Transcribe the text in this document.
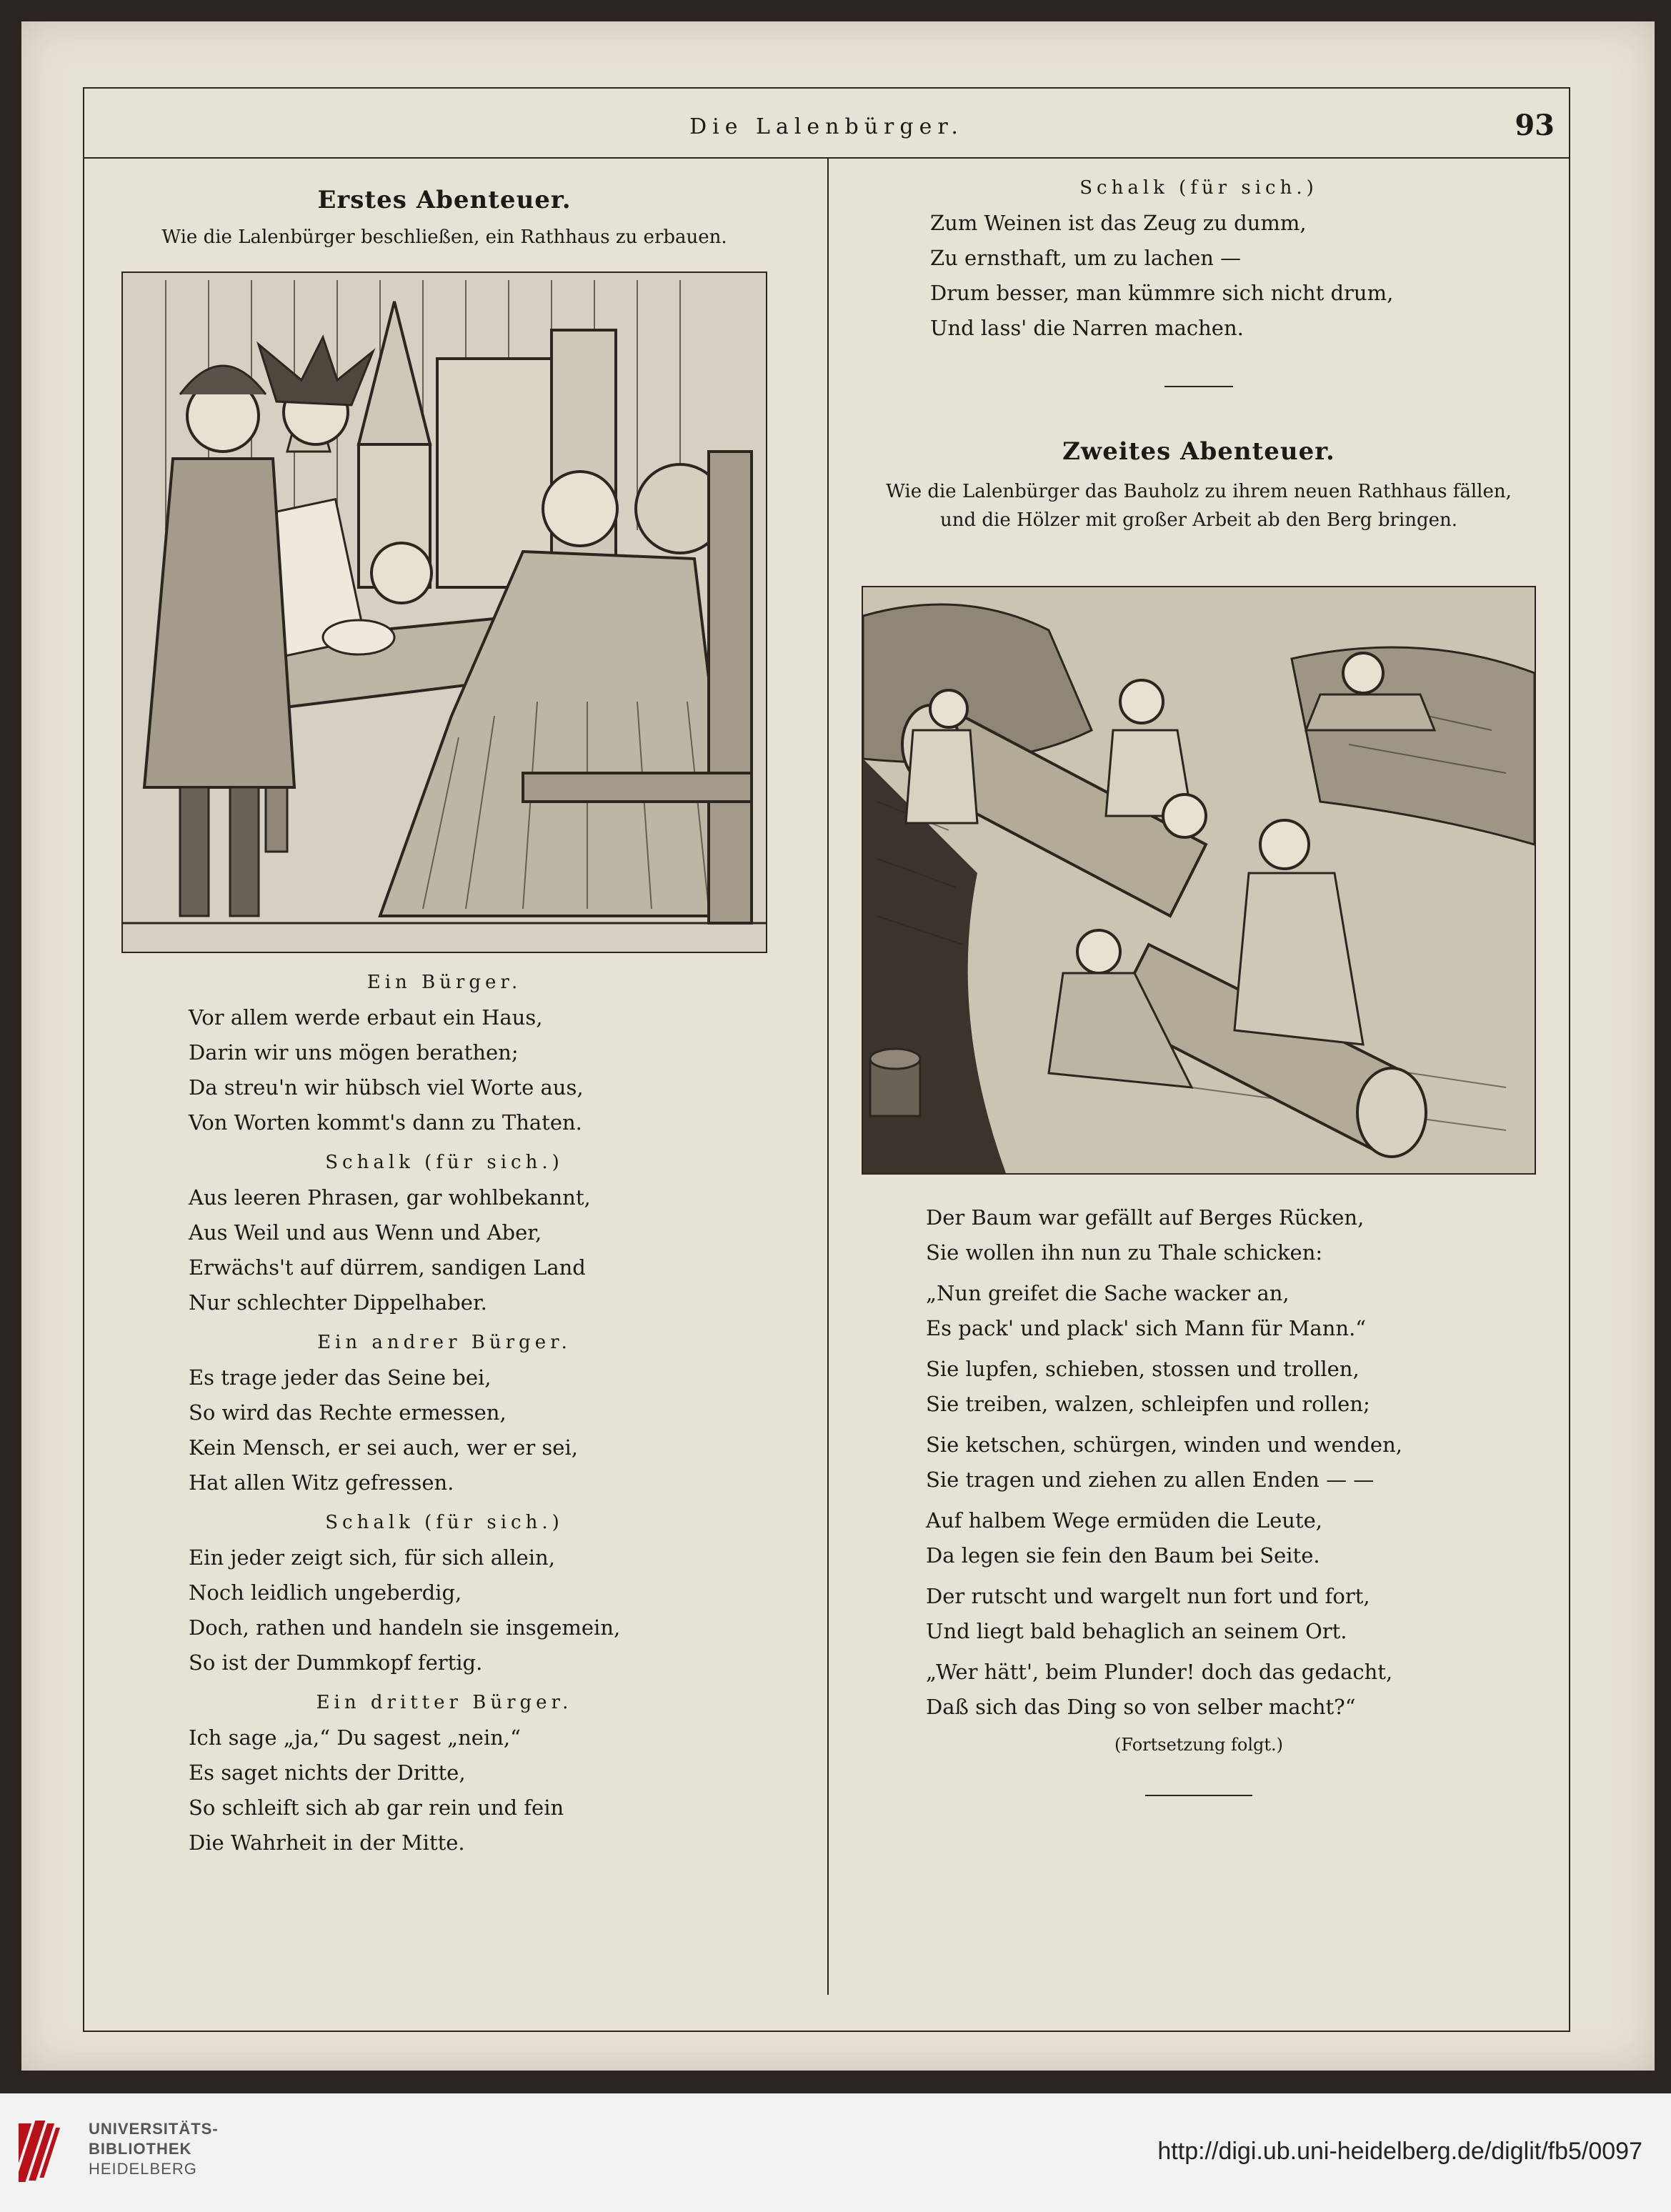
Die Lalenbürger.	93
Erstes Abenteuer.

Wie die Lalenbürger beschließen, ein Rathhaus zu erbauen.

Ein Bürger.

Vor allem werde erbaut ein Haus,
Darin wir uns mögen berathen;
Da streu'n wir hübsch viel Worte aus,
Von Worten kommt's dann zu Thaten.

Schalk (für sich.)

Aus leeren Phrasen, gar wohlbekannt,
Aus Weil und aus Wenn und Aber,
Erwächs't auf dürrem, sandigen Land
Nur schlechter Dippelhaber.

Ein andrer Bürger.

Es trage jeder das Seine bei,
So wird das Rechte ermessen,
Kein Mensch, er sei auch, wer er sei,
Hat allen Witz gefressen.

Schalk (für sich.)

Ein jeder zeigt sich, für sich allein,
Noch leidlich ungeberdig,
Doch, rathen und handeln sie insgemein,
So ist der Dummkopf fertig.

Ein dritter Bürger.

Ich sage „ja,“ Du sagest „nein,“
Es saget nichts der Dritte,
So schleift sich ab gar rein und fein
Die Wahrheit in der Mitte.

Schalk (für sich.)

Zum Weinen ist das Zeug zu dumm,
Zu ernsthaft, um zu lachen —
Drum besser, man kümmre sich nicht drum,
Und lass' die Narren machen.
Zweites Abenteuer.
Wie die Lalenbürger das Bauholz zu ihrem neuen Rathhaus fällen,
und die Hölzer mit großer Arbeit ab den Berg bringen.
Der Baum war gefällt auf Berges Rücken,
Sie wollen ihn nun zu Thale schicken:
„Nun greifet die Sache wacker an,
Es pack' und plack' sich Mann für Mann.“
Sie lupfen, schieben, stossen und trollen,
Sie treiben, walzen, schleipfen und rollen;
Sie ketschen, schürgen, winden und wenden,
Sie tragen und ziehen zu allen Enden — —
Auf halbem Wege ermüden die Leute,
Da legen sie fein den Baum bei Seite.
Der rutscht und wargelt nun fort und fort,
Und liegt bald behaglich an seinem Ort.
„Wer hätt', beim Plunder! doch das gedacht,
Daß sich das Ding so von selber macht?“

(Fortsetzung folgt.)

UNIVERSITÄTS-
BIBLIOTHEK
HEIDELBERG
http://digi.ub.uni-heidelberg.de/diglit/fb5/0097
